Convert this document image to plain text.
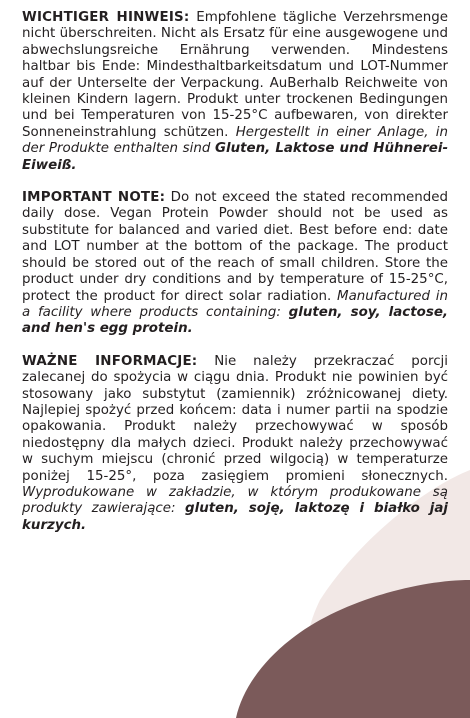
WICHTIGER HINWEIS: Empfohlene tägliche Verzehrsmenge nicht überschreiten. Nicht als Ersatz für eine ausgewogene und abwechslungsreiche Ernährung verwenden. Mindestens haltbar bis Ende: Mindesthaltbarkeitsdatum und LOT-Nummer auf der Unterselte der Verpackung. AuBerhalb Reichweite von kleinen Kindern lagern. Produkt unter trockenen Bedingungen und bei Temperaturen von 15-25°C aufbewaren, von direkter Sonneneinstrahlung schützen. Hergestellt in einer Anlage, in der Produkte enthalten sind Gluten, Laktose und Hühnerei-Eiweiß.

IMPORTANT NOTE: Do not exceed the stated recommended daily dose. Vegan Protein Powder should not be used as substitute for balanced and varied diet. Best before end: date and LOT number at the bottom of the package. The product should be stored out of the reach of small children. Store the product under dry conditions and by temperature of 15-25°C, protect the product for direct solar radiation. Manufactured in a facility where products containing: gluten, soy, lactose, and hen's egg protein.

WAŻNE INFORMACJE: Nie należy przekraczać porcji zalecanej do spożycia w ciągu dnia. Produkt nie powinien być stosowany jako substytut (zamiennik) zróżnicowanej diety. Najlepiej spożyć przed końcem: data i numer partii na spodzie opakowania. Produkt należy przechowywać w sposób niedostępny dla małych dzieci. Produkt należy przechowywać w suchym miejscu (chronić przed wilgocią) w temperaturze poniżej 15-25°, poza zasięgiem promieni słonecznych. Wyprodukowane w zakładzie, w którym produkowane są produkty zawierające: gluten, soję, laktozę i białko jaj kurzych.
